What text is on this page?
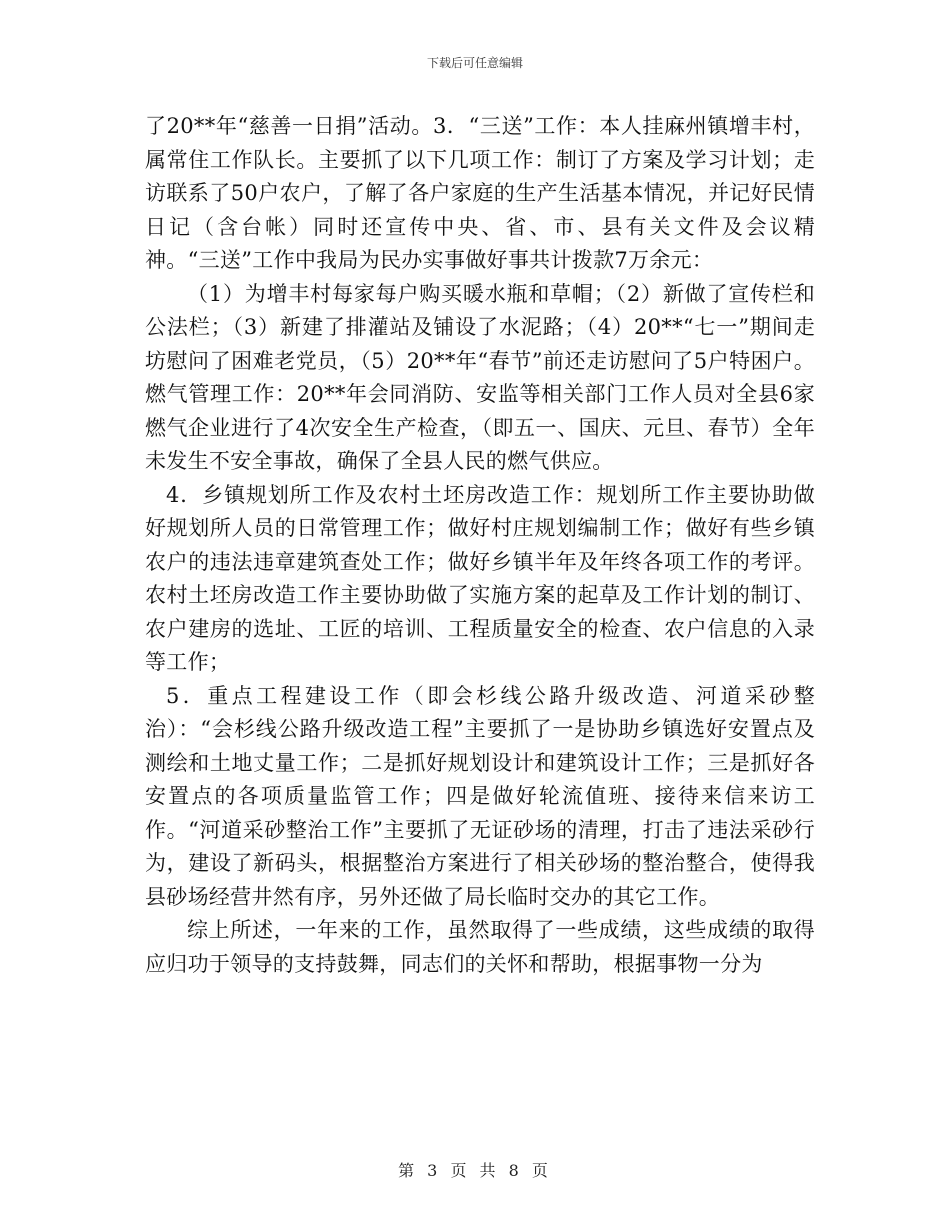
下载后可任意编辑

了20**年“慈善一日捐”活动。3．“三送”工作：本人挂麻州镇增丰村，属常住工作队长。主要抓了以下几项工作：制订了方案及学习计划；走访联系了50户农户，了解了各户家庭的生产生活基本情况，并记好民情日记（含台帐）同时还宣传中央、省、市、县有关文件及会议精神。“三送”工作中我局为民办实事做好事共计拨款7万余元：

（1）为增丰村每家每户购买暖水瓶和草帽；（2）新做了宣传栏和公法栏；（3）新建了排灌站及铺设了水泥路；（4）20**“七一”期间走坊慰问了困难老党员，（5）20**年“春节”前还走访慰问了5户特困户。燃气管理工作：20**年会同消防、安监等相关部门工作人员对全县6家燃气企业进行了4次安全生产检查，（即五一、国庆、元旦、春节）全年未发生不安全事故，确保了全县人民的燃气供应。

4．乡镇规划所工作及农村土坯房改造工作：规划所工作主要协助做好规划所人员的日常管理工作；做好村庄规划编制工作；做好有些乡镇农户的违法违章建筑查处工作；做好乡镇半年及年终各项工作的考评。农村土坯房改造工作主要协助做了实施方案的起草及工作计划的制订、农户建房的选址、工匠的培训、工程质量安全的检查、农户信息的入录等工作；

5．重点工程建设工作（即会杉线公路升级改造、河道采砂整治）：“会杉线公路升级改造工程”主要抓了一是协助乡镇选好安置点及测绘和土地丈量工作；二是抓好规划设计和建筑设计工作；三是抓好各安置点的各项质量监管工作；四是做好轮流值班、接待来信来访工作。“河道采砂整治工作”主要抓了无证砂场的清理，打击了违法采砂行为，建设了新码头，根据整治方案进行了相关砂场的整治整合，使得我县砂场经营井然有序，另外还做了局长临时交办的其它工作。

综上所述，一年来的工作，虽然取得了一些成绩，这些成绩的取得应归功于领导的支持鼓舞，同志们的关怀和帮助，根据事物一分为

第 3 页 共 8 页
